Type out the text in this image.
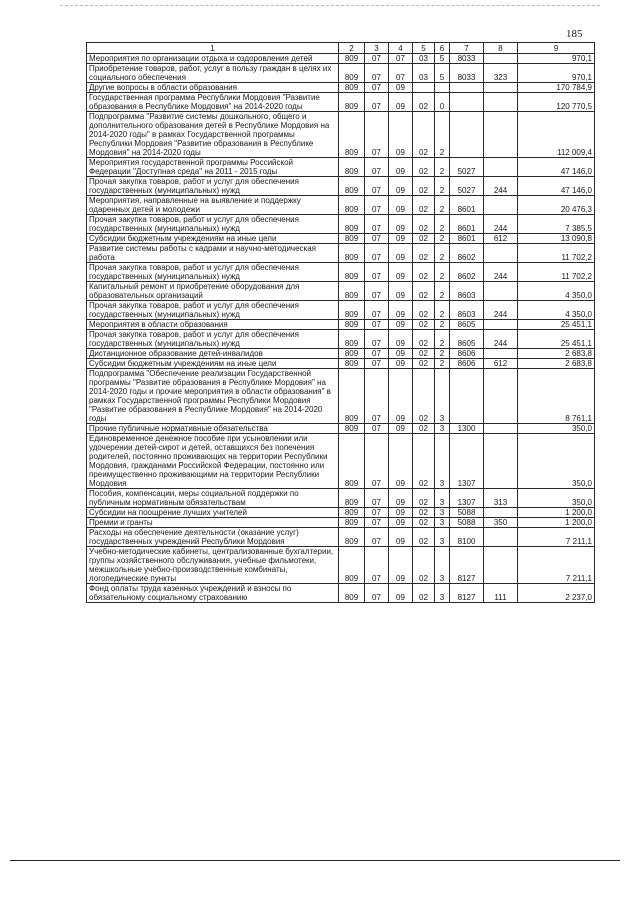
185
1	2	3	4	5	6	7	8	9
Мероприятия по организации отдыха и оздоровления детей	809	07	07	03	5	8033		970,1
Приобретение товаров, работ, услуг в пользу граждан в целях их социального обеспечения	809	07	07	03	5	8033	323	970,1
Другие вопросы в области образования	809	07	09					170 784,9
Государственная программа Республики Мордовия "Развитие образования в Республике Мордовия" на 2014-2020 годы	809	07	09	02	0			120 770,5
Подпрограмма "Развитие системы дошкольного, общего и дополнительного образования детей в Республике Мордовия на 2014-2020 годы" в рамках Государственной программы Республики Мордовия "Развитие образования в Республике Мордовия" на 2014-2020 годы	809	07	09	02	2			112 009,4
Мероприятия государственной программы Российской Федерации "Доступная среда" на 2011 - 2015 годы	809	07	09	02	2	5027		47 146,0
Прочая закупка товаров, работ и услуг для обеспечения государственных (муниципальных) нужд	809	07	09	02	2	5027	244	47 146,0
Мероприятия, направленные на выявление и поддержку одаренных детей и молодежи	809	07	09	02	2	8601		20 476,3
Прочая закупка товаров, работ и услуг для обеспечения государственных (муниципальных) нужд	809	07	09	02	2	8601	244	7 385,5
Субсидии бюджетным учреждениям на иные цели	809	07	09	02	2	8601	612	13 090,8
Развитие системы работы с кадрами и научно-методическая работа	809	07	09	02	2	8602		11 702,2
Прочая закупка товаров, работ и услуг для обеспечения государственных (муниципальных) нужд	809	07	09	02	2	8602	244	11 702,2
Капитальный ремонт и приобретение оборудования для образовательных организаций	809	07	09	02	2	8603		4 350,0
Прочая закупка товаров, работ и услуг для обеспечения государственных (муниципальных) нужд	809	07	09	02	2	8603	244	4 350,0
Мероприятия в области образования	809	07	09	02	2	8605		25 451,1
Прочая закупка товаров, работ и услуг для обеспечения государственных (муниципальных) нужд	809	07	09	02	2	8605	244	25 451,1
Дистанционное образование детей-инвалидов	809	07	09	02	2	8606		2 683,8
Субсидии бюджетным учреждениям на иные цели	809	07	09	02	2	8606	612	2 683,8
Подпрограмма "Обеспечение реализации Государственной программы "Развитие образования в Республике Мордовия" на 2014-2020 годы и прочие мероприятия в области образования" в рамках Государственной программы Республики Мордовия "Развитие образования в Республике Мордовия" на 2014-2020 годы	809	07	09	02	3			8 761,1
Прочие публичные нормативные обязательства	809	07	09	02	3	1300		350,0
Единовременное денежное пособие при усыновлении или удочерении детей-сирот и детей, оставшихся без попечения родителей, постоянно проживающих на территории Республики Мордовия, гражданами Российской Федерации, постоянно или преимущественно проживающими на территории Республики Мордовия	809	07	09	02	3	1307		350,0
Пособия, компенсации, меры социальной поддержки по публичным нормативным обязательствам	809	07	09	02	3	1307	313	350,0
Субсидии на поощрение лучших учителей	809	07	09	02	3	5088		1 200,0
Премии и гранты	809	07	09	02	3	5088	350	1 200,0
Расходы на обеспечение деятельности (оказание услуг) государственных учреждений Республики Мордовия	809	07	09	02	3	8100		7 211,1
Учебно-методические кабинеты, централизованные бухгалтерии, группы хозяйственного обслуживания, учебные фильмотеки, межшкольные учебно-производственные комбинаты, логопедические пункты	809	07	09	02	3	8127		7 211,1
Фонд оплаты труда казенных учреждений и взносы по обязательному социальному страхованию	809	07	09	02	3	8127	111	2 237,0
